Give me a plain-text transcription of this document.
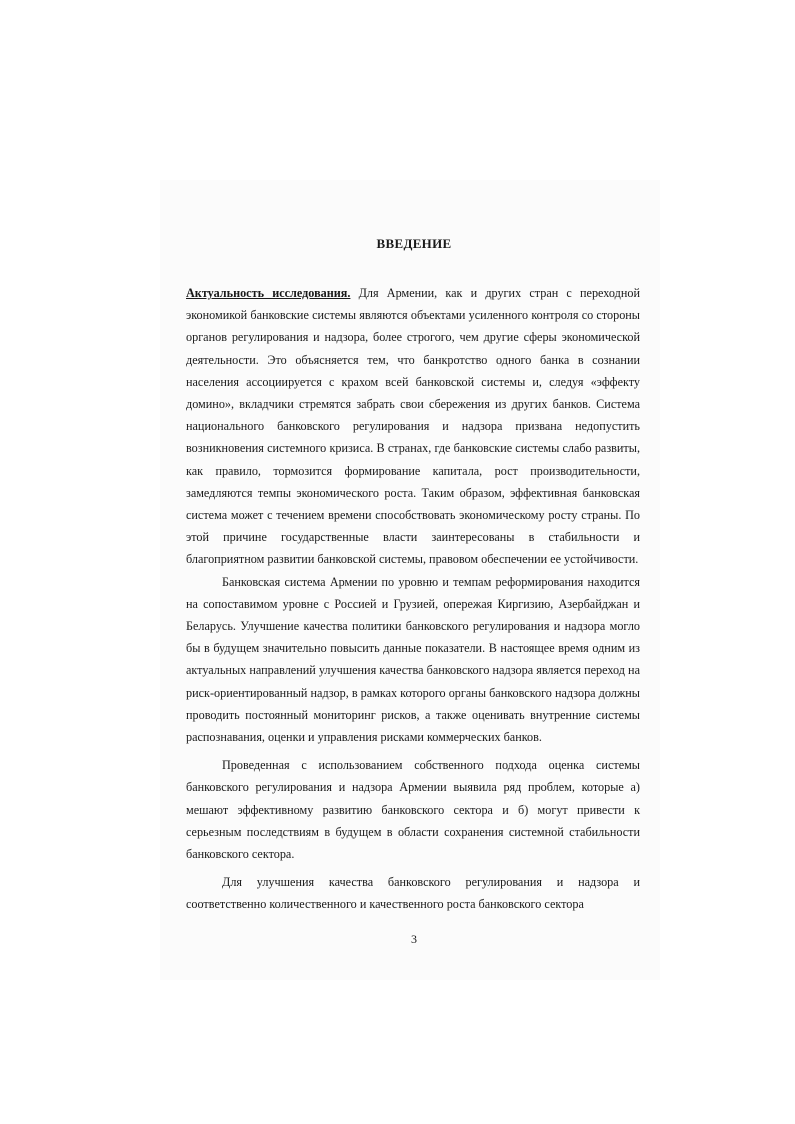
ВВЕДЕНИЕ

Актуальность исследования. Для Армении, как и других стран с переходной экономикой банковские системы являются объектами усиленного контроля со стороны органов регулирования и надзора, более строгого, чем другие сферы экономической деятельности. Это объясняется тем, что банкротство одного банка в сознании населения ассоциируется с крахом всей банковской системы и, следуя «эффекту домино», вкладчики стремятся забрать свои сбережения из других банков. Система национального банковского регулирования и надзора призвана недопустить возникновения системного кризиса. В странах, где банковские системы слабо развиты, как правило, тормозится формирование капитала, рост производительности, замедляются темпы экономического роста. Таким образом, эффективная банковская система может с течением времени способствовать экономическому росту страны. По этой причине государственные власти заинтересованы в стабильности и благоприятном развитии банковской системы, правовом обеспечении ее устойчивости.

Банковская система Армении по уровню и темпам реформирования находится на сопоставимом уровне с Россией и Грузией, опережая Киргизию, Азербайджан и Беларусь. Улучшение качества политики банковского регулирования и надзора могло бы в будущем значительно повысить данные показатели. В настоящее время одним из актуальных направлений улучшения качества банковского надзора является переход на риск-ориентированный надзор, в рамках которого органы банковского надзора должны проводить постоянный мониторинг рисков, а также оценивать внутренние системы распознавания, оценки и управления рисками коммерческих банков.

Проведенная с использованием собственного подхода оценка системы банковского регулирования и надзора Армении выявила ряд проблем, которые а) мешают эффективному развитию банковского сектора и б) могут привести к серьезным последствиям в будущем в области сохранения системной стабильности банковского сектора.

Для улучшения качества банковского регулирования и надзора и соответственно количественного и качественного роста банковского сектора

3
